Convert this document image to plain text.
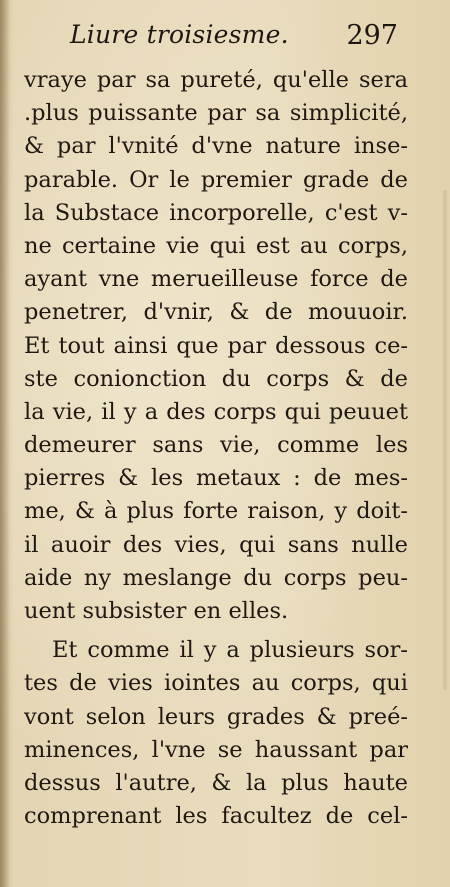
Liure troisiesme. 297
vraye par sa pureté, qu'elle sera
.plus puissante par sa simplicité,
& par l'vnité d'vne nature inse-
parable. Or le premier grade de
la Substace incorporelle, c'est v-
ne certaine vie qui est au corps,
ayant vne merueilleuse force de
penetrer, d'vnir, & de mouuoir.
Et tout ainsi que par dessous ce-
ste conionction du corps & de
la vie, il y a des corps qui peuuet
demeurer sans vie, comme les
pierres & les metaux : de mes-
me, & à plus forte raison, y doit-
il auoir des vies, qui sans nulle
aide ny meslange du corps peu-
uent subsister en elles.
Et comme il y a plusieurs sor-
tes de vies iointes au corps, qui
vont selon leurs grades & preé-
minences, l'vne se haussant par
dessus l'autre, & la plus haute
comprenant les facultez de cel-
